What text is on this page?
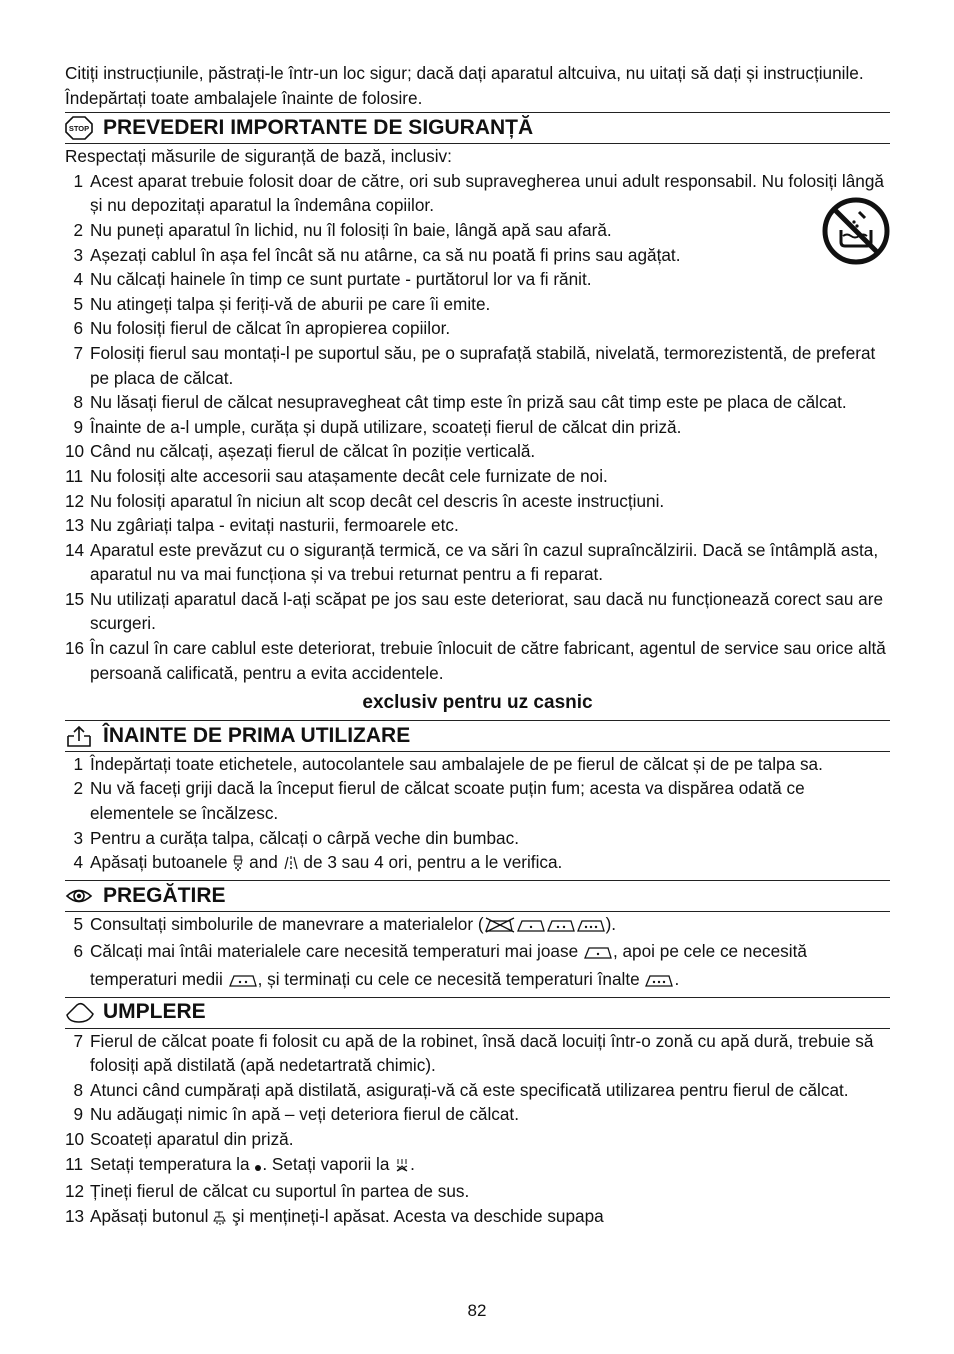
Citiți instrucțiunile, păstrați-le într-un loc sigur; dacă dați aparatul altcuiva, nu uitați să dați și instrucțiunile. Îndepărtați toate ambalajele înainte de folosire.

STOP PREVEDERI IMPORTANTE DE SIGURANȚĂ

Respectați măsurile de siguranță de bază, inclusiv:

1 Acest aparat trebuie folosit doar de către, ori sub supravegherea unui adult responsabil. Nu folosiți lângă și nu depozitați aparatul la îndemâna copiilor.
2 Nu puneți aparatul în lichid, nu îl folosiți în baie, lângă apă sau afară.
3 Așezați cablul în așa fel încât să nu atârne, ca să nu poată fi prins sau agățat.
4 Nu călcați hainele în timp ce sunt purtate - purtătorul lor va fi rănit.
5 Nu atingeți talpa și feriți-vă de aburii pe care îi emite.
6 Nu folosiți fierul de călcat în apropierea copiilor.
7 Folosiți fierul sau montați-l pe suportul său, pe o suprafață stabilă, nivelată, termorezistentă, de preferat pe placa de călcat.
8 Nu lăsați fierul de călcat nesupravegheat cât timp este în priză sau cât timp este pe placa de călcat.
9 Înainte de a-l umple, curăța și după utilizare, scoateți fierul de călcat din priză.
10 Când nu călcați, așezați fierul de călcat în poziție verticală.
11 Nu folosiți alte accesorii sau atașamente decât cele furnizate de noi.
12 Nu folosiți aparatul în niciun alt scop decât cel descris în aceste instrucțiuni.
13 Nu zgâriați talpa - evitați nasturii, fermoarele etc.
14 Aparatul este prevăzut cu o siguranță termică, ce va sări în cazul supraîncălzirii. Dacă se întâmplă asta, aparatul nu va mai funcționa și va trebui returnat pentru a fi reparat.
15 Nu utilizați aparatul dacă l-ați scăpat pe jos sau este deteriorat, sau dacă nu funcționează corect sau are scurgeri.
16 În cazul în care cablul este deteriorat, trebuie înlocuit de către fabricant, agentul de service sau orice altă persoană calificată, pentru a evita accidentele.
exclusiv pentru uz casnic
ÎNAINTE DE PRIMA UTILIZARE
1 Îndepărtați toate etichetele, autocolantele sau ambalajele de pe fierul de călcat și de pe talpa sa.
2 Nu vă faceți griji dacă la început fierul de călcat scoate puțin fum; acesta va dispărea odată ce elementele se încălzesc.
3 Pentru a curăța talpa, călcați o cârpă veche din bumbac.
4 Apăsați butoanele and de 3 sau 4 ori, pentru a le verifica.
PREGĂTIRE
5 Consultați simbolurile de manevrare a materialelor (	).
6 Călcați mai întâi materialele care necesită temperaturi mai joase , apoi pe cele ce necesită temperaturi medii , și terminați cu cele ce necesită temperaturi înalte .
UMPLERE
7 Fierul de călcat poate fi folosit cu apă de la robinet, însă dacă locuiți într-o zonă cu apă dură, trebuie să folosiți apă distilată (apă nedetartrată chimic).
8 Atunci când cumpărați apă distilată, asigurați-vă că este specificată utilizarea pentru fierul de călcat.
9 Nu adăugați nimic în apă – veți deteriora fierul de călcat.
10 Scoateți aparatul din priză.
11 Setați temperatura la . Setați vaporii la .
12 Țineți fierul de călcat cu suportul în partea de sus.
13 Apăsați butonul şi mențineți-l apăsat. Acesta va deschide supapa
82
